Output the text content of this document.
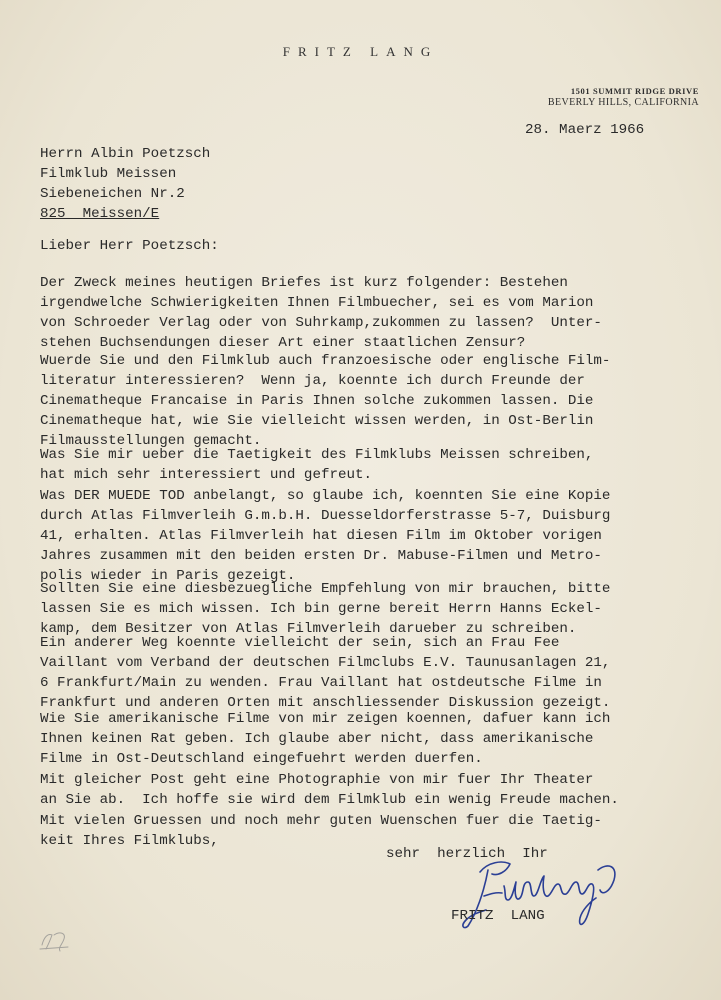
FRITZ LANG
1501 SUMMIT RIDGE DRIVE
BEVERLY HILLS, CALIFORNIA
28. Maerz 1966
Herrn Albin Poetzsch
Filmklub Meissen
Siebeneichen Nr.2
825  Meissen/E
Lieber Herr Poetzsch:
Der Zweck meines heutigen Briefes ist kurz folgender: Bestehen
irgendwelche Schwierigkeiten Ihnen Filmbuecher, sei es vom Marion
von Schroeder Verlag oder von Suhrkamp,zukommen zu lassen?  Unter-
stehen Buchsendungen dieser Art einer staatlichen Zensur?
Wuerde Sie und den Filmklub auch franzoesische oder englische Film-
literatur interessieren?  Wenn ja, koennte ich durch Freunde der
Cinematheque Francaise in Paris Ihnen solche zukommen lassen. Die
Cinematheque hat, wie Sie vielleicht wissen werden, in Ost-Berlin
Filmausstellungen gemacht.
Was Sie mir ueber die Taetigkeit des Filmklubs Meissen schreiben,
hat mich sehr interessiert und gefreut.
Was DER MUEDE TOD anbelangt, so glaube ich, koennten Sie eine Kopie
durch Atlas Filmverleih G.m.b.H. Duesseldorferstrasse 5-7, Duisburg
41, erhalten. Atlas Filmverleih hat diesen Film im Oktober vorigen
Jahres zusammen mit den beiden ersten Dr. Mabuse-Filmen und Metro-
polis wieder in Paris gezeigt.
Sollten Sie eine diesbezuegliche Empfehlung von mir brauchen, bitte
lassen Sie es mich wissen. Ich bin gerne bereit Herrn Hanns Eckel-
kamp, dem Besitzer von Atlas Filmverleih darueber zu schreiben.
Ein anderer Weg koennte vielleicht der sein, sich an Frau Fee
Vaillant vom Verband der deutschen Filmclubs E.V. Taunusanlagen 21,
6 Frankfurt/Main zu wenden. Frau Vaillant hat ostdeutsche Filme in
Frankfurt und anderen Orten mit anschliessender Diskussion gezeigt.
Wie Sie amerikanische Filme von mir zeigen koennen, dafuer kann ich
Ihnen keinen Rat geben. Ich glaube aber nicht, dass amerikanische
Filme in Ost-Deutschland eingefuehrt werden duerfen.
Mit gleicher Post geht eine Photographie von mir fuer Ihr Theater
an Sie ab.  Ich hoffe sie wird dem Filmklub ein wenig Freude machen.
Mit vielen Gruessen und noch mehr guten Wuenschen fuer die Taetig-
keit Ihres Filmklubs,
sehr  herzlich  Ihr
FRITZ  LANG
